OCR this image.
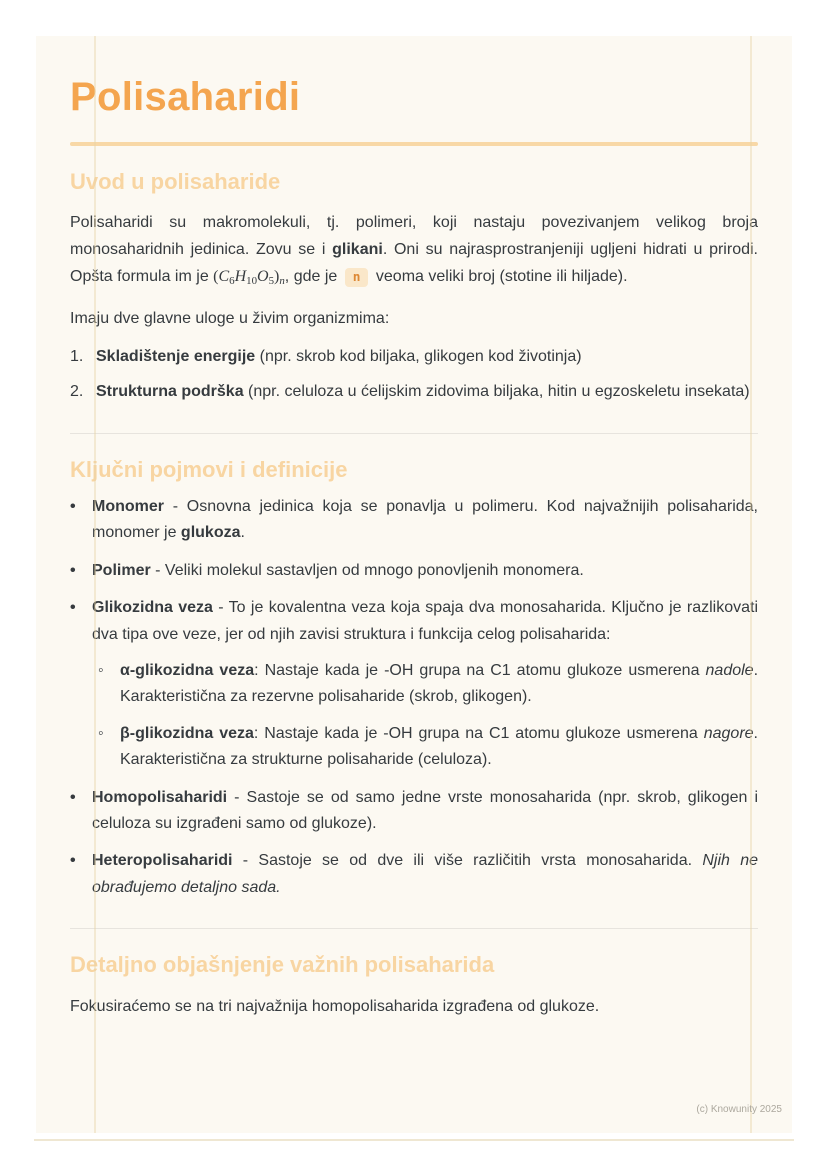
Polisaharidi
Uvod u polisaharide

Polisaharidi su makromolekuli, tj. polimeri, koji nastaju povezivanjem velikog broja monosaharidnih jedinica. Zovu se i glikani. Oni su najrasprostranjeniji ugljeni hidrati u prirodi. Opšta formula im je (C6H10O5)n, gde je n veoma veliki broj (stotine ili hiljade).

Imaju dve glavne uloge u živim organizmima:

1. Skladištenje energije (npr. skrob kod biljaka, glikogen kod životinja)
2. Strukturna podrška (npr. celuloza u ćelijskim zidovima biljaka, hitin u egzoskeletu insekata)
Ključni pojmovi i definicije
•	Monomer - Osnovna jedinica koja se ponavlja u polimeru. Kod najvažnijih polisaharida, monomer je glukoza.
•	Polimer - Veliki molekul sastavljen od mnogo ponovljenih monomera.
•	Glikozidna veza - To je kovalentna veza koja spaja dva monosaharida. Ključno je razlikovati dva tipa ove veze, jer od njih zavisi struktura i funkcija celog polisaharida:
◦	α-glikozidna veza: Nastaje kada je -OH grupa na C1 atomu glukoze usmerena nadole. Karakteristična za rezervne polisaharide (skrob, glikogen).
◦	β-glikozidna veza: Nastaje kada je -OH grupa na C1 atomu glukoze usmerena nagore. Karakteristična za strukturne polisaharide (celuloza).
•	Homopolisaharidi - Sastoje se od samo jedne vrste monosaharida (npr. skrob, glikogen i celuloza su izgrađeni samo od glukoze).
•	Heteropolisaharidi - Sastoje se od dve ili više različitih vrsta monosaharida. Njih ne obrađujemo detaljno sada.
Detaljno objašnjenje važnih polisaharida

Fokusiraćemo se na tri najvažnija homopolisaharida izgrađena od glukoze.

(c) Knowunity 2025
